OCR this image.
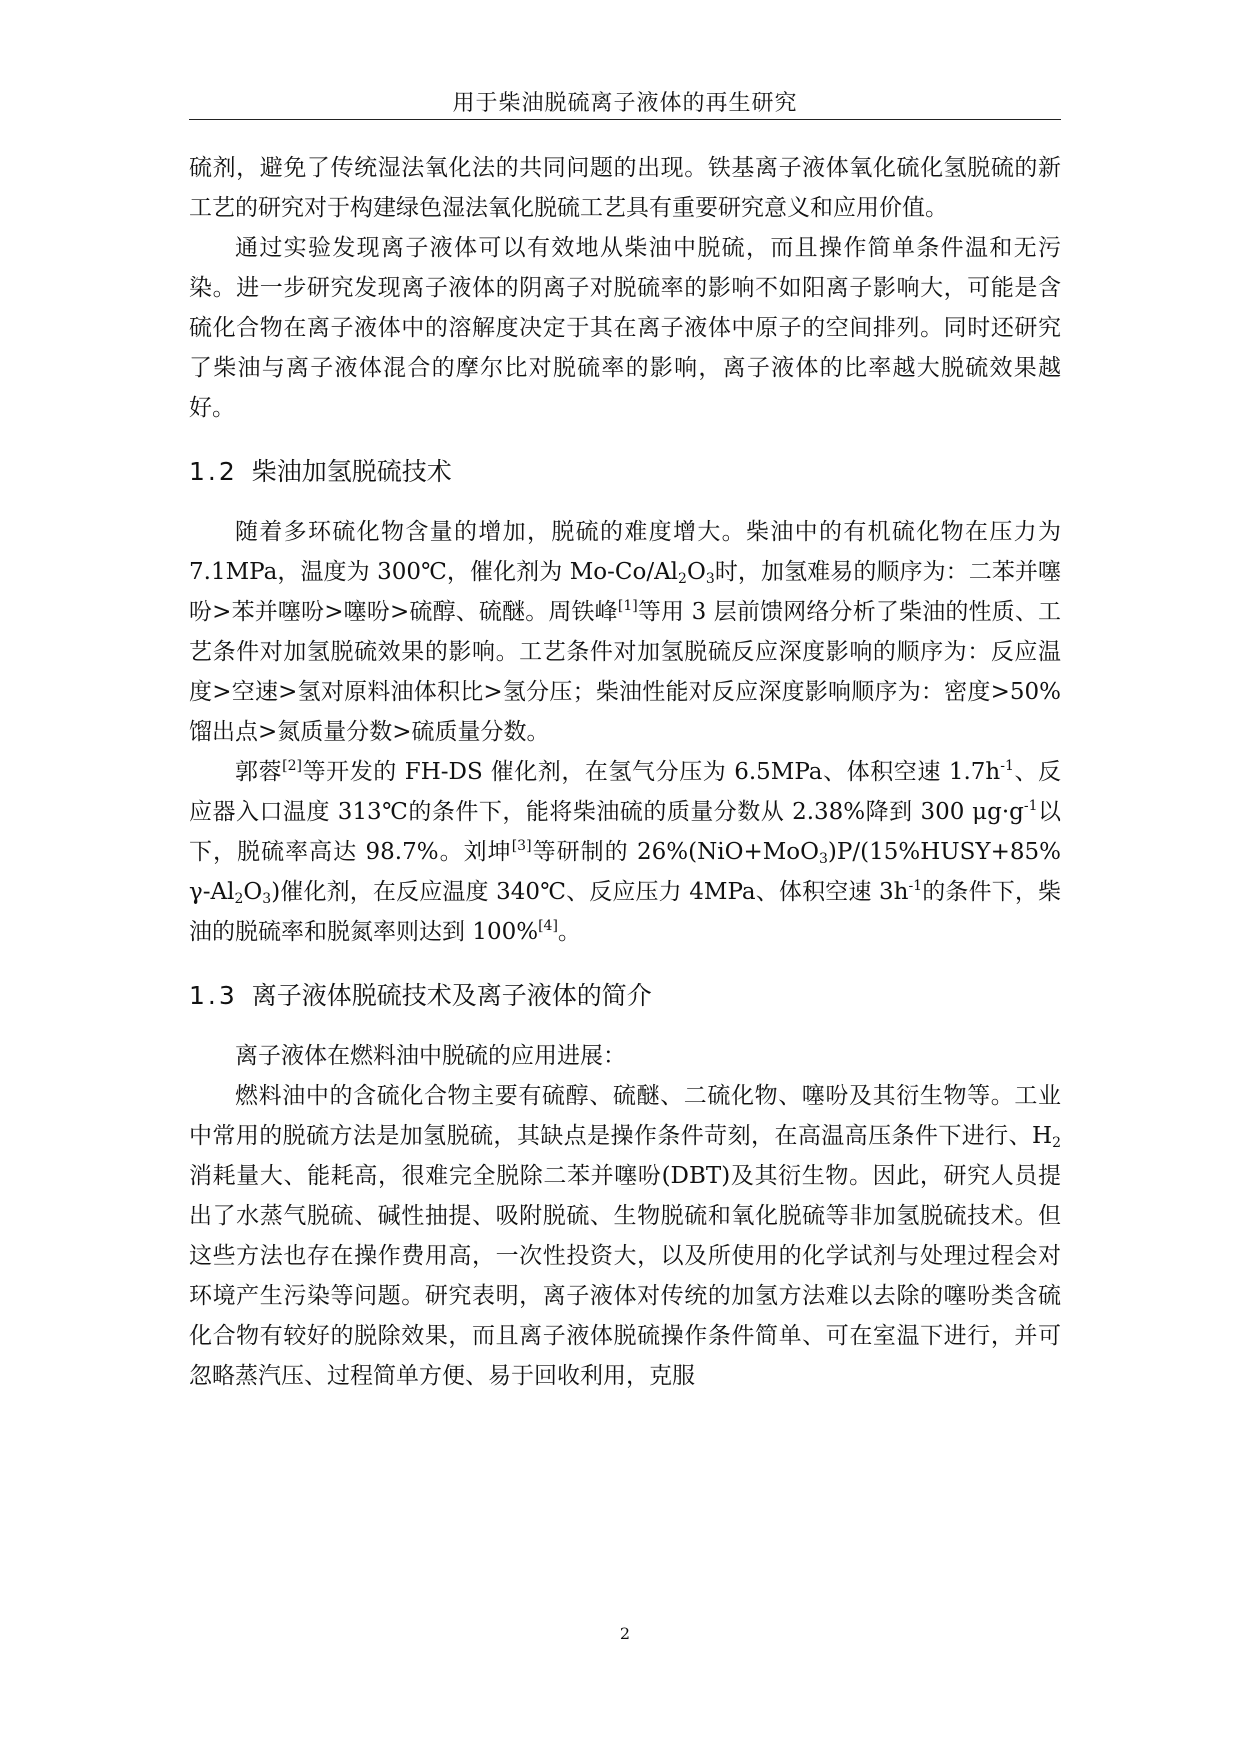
用于柴油脱硫离子液体的再生研究

硫剂，避免了传统湿法氧化法的共同问题的出现。铁基离子液体氧化硫化氢脱硫的新工艺的研究对于构建绿色湿法氧化脱硫工艺具有重要研究意义和应用价值。

通过实验发现离子液体可以有效地从柴油中脱硫，而且操作简单条件温和无污染。进一步研究发现离子液体的阴离子对脱硫率的影响不如阳离子影响大，可能是含硫化合物在离子液体中的溶解度决定于其在离子液体中原子的空间排列。同时还研究了柴油与离子液体混合的摩尔比对脱硫率的影响，离子液体的比率越大脱硫效果越好。

1.2 柴油加氢脱硫技术

随着多环硫化物含量的增加，脱硫的难度增大。柴油中的有机硫化物在压力为 7.1MPa，温度为 300℃，催化剂为 $Mo-Co/Al_2O_3$时，加氢难易的顺序为：二苯并噻吩>苯并噻吩>噻吩>硫醇、硫醚。周铁峰[1]等用 3 层前馈网络分析了柴油的性质、工艺条件对加氢脱硫效果的影响。工艺条件对加氢脱硫反应深度影响的顺序为：反应温度>空速>氢对原料油体积比>氢分压；柴油性能对反应深度影响顺序为：密度>50%馏出点>氮质量分数>硫质量分数。

郭蓉[2]等开发的 FH-DS 催化剂，在氢气分压为 6.5MPa、体积空速 $1.7h^{-1}$、反应器入口温度 313℃的条件下，能将柴油硫的质量分数从 2.38%降到 300 $\mu g\cdot g^{-1}$以下，脱硫率高达 98.7%。刘坤[3]等研制的 26%(NiO+MoO$_3$)P/(15%HUSY+85% $\gamma-Al_2O_3$)催化剂，在反应温度 340℃、反应压力 4MPa、体积空速 $3h^{-1}$的条件下，柴油的脱硫率和脱氮率则达到 100%[4]。

1.3 离子液体脱硫技术及离子液体的简介

离子液体在燃料油中脱硫的应用进展：

燃料油中的含硫化合物主要有硫醇、硫醚、二硫化物、噻吩及其衍生物等。工业中常用的脱硫方法是加氢脱硫，其缺点是操作条件苛刻，在高温高压条件下进行、$H_2$消耗量大、能耗高，很难完全脱除二苯并噻吩(DBT)及其衍生物。因此，研究人员提出了水蒸气脱硫、碱性抽提、吸附脱硫、生物脱硫和氧化脱硫等非加氢脱硫技术。但这些方法也存在操作费用高，一次性投资大，以及所使用的化学试剂与处理过程会对环境产生污染等问题。研究表明，离子液体对传统的加氢方法难以去除的噻吩类含硫化合物有较好的脱除效果，而且离子液体脱硫操作条件简单、可在室温下进行，并可忽略蒸汽压、过程简单方便、易于回收利用，克服

2
